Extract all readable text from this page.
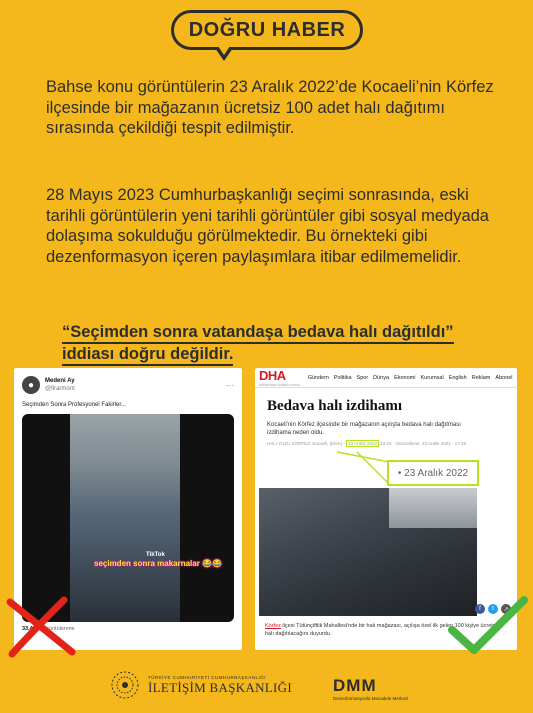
DOĞRU HABER

Bahse konu görüntülerin 23 Aralık 2022’de Kocaeli’nin Körfez ilçesinde bir mağazanın ücretsiz 100 adet halı dağıtımı sırasında çekildiği tespit edilmiştir.

28 Mayıs 2023 Cumhurbaşkanlığı seçimi sonrasında, eski tarihli görüntülerin yeni tarihli görüntüler gibi sosyal medyada dolaşıma sokulduğu görülmektedir. Bu örnekteki gibi dezenformasyon içeren paylaşımlara itibar edilmemelidir.

“Seçimden sonra vatandaşa bedava halı dağıtıldı” iddiası doğru değildir.
●	Medeni Ay
@firarmont	···
Seçimden Sonra Profesyonel Fakirler...
TikTok
seçimden sonra makarnalar 😂😂
33,4 B Görüntülenme
DHA
DEMİRÖREN HABER AJANSI
Gündem Politika Spor Dünya Ekonomi Kurumsal English Reklam Abonel
Bedava halı izdihamı
Kocaeli'nin Körfez ilçesinde bir mağazanın açılışta bedava halı dağıtması izdihama neden oldu.
HALİ YUZU KORFEZ, Kocaeli, (DHA) - 23 Aralık 2022 23:15 · Güncelleme: 23 Aralık 2022 - 17:25
• 23 Aralık 2022
f	t	↗
Körfez ilçesi Tütünçiftlik Mahallesi'nde bir halı mağazası, açılışa özel ilk gelen 100 kişiye ücretsiz halı dağıtılacağını duyurdu.
TÜRKİYE CUMHURİYETİ CUMHURBAŞKANLIĞI
İLETİŞİM BAŞKANLIĞI DMM
Dezenformasyonla Mücadele Merkezi
